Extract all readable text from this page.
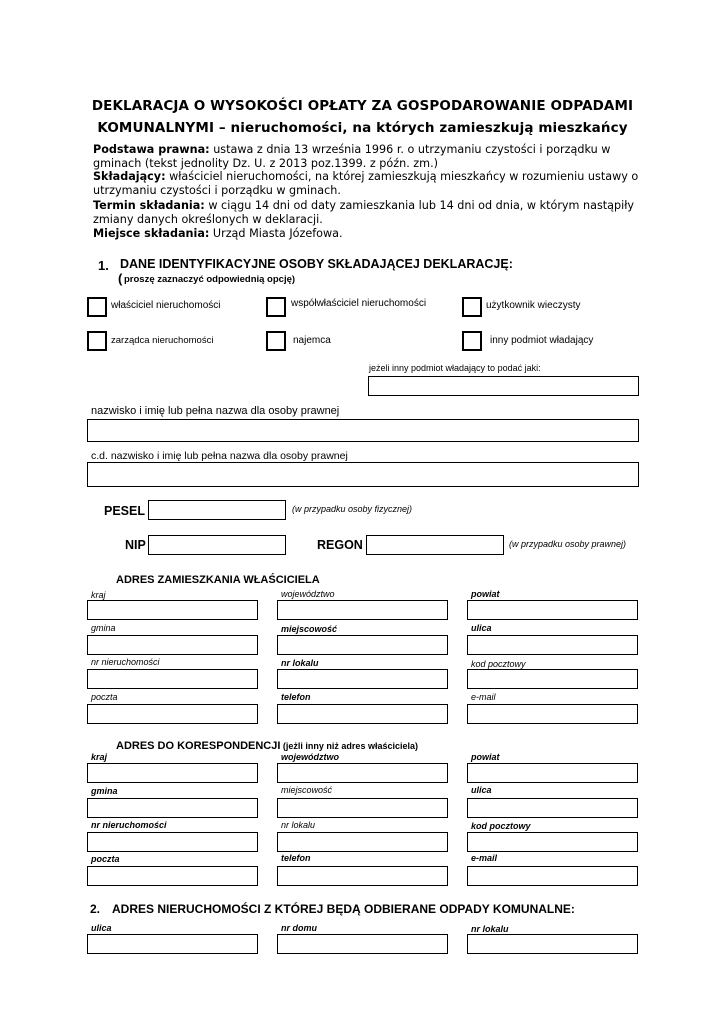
DEKLARACJA O WYSOKOŚCI OPŁATY ZA GOSPODAROWANIE ODPADAMI
KOMUNALNYMI – nieruchomości, na których zamieszkują mieszkańcy
Podstawa prawna: ustawa z dnia 13 września 1996 r. o utrzymaniu czystości i porządku w
gminach (tekst jednolity Dz. U. z 2013 poz.1399. z późn. zm.)
Składający: właściciel nieruchomości, na której zamieszkują mieszkańcy w rozumieniu ustawy o
utrzymaniu czystości i porządku w gminach.
Termin składania: w ciągu 14 dni od daty zamieszkania lub 14 dni od dnia, w którym nastąpiły
zmiany danych określonych w deklaracji.
Miejsce składania: Urząd Miasta Józefowa.
1. DANE IDENTYFIKACYJNE OSOBY SKŁADAJĄCEJ DEKLARACJĘ:
( proszę zaznaczyć odpowiednią opcję)
właściciel nieruchomości	współwłaściciel nieruchomości	użytkownik wieczysty
zarządca nieruchomości	najemca	inny podmiot władający
jeżeli inny podmiot władający to podać jaki:
nazwisko i imię lub pełna nazwa dla osoby prawnej
c.d. nazwisko i imię lub pełna nazwa dla osoby prawnej
PESEL	(w przypadku osoby fizycznej)
NIP	REGON	(w przypadku osoby prawnej)
ADRES ZAMIESZKANIA WŁAŚCICIELA
kraj	województwo	powiat
gmina	miejscowość	ulica
nr nieruchomości	nr lokalu	kod pocztowy
poczta	telefon	e-mail
ADRES DO KORESPONDENCJI (jeżli inny niż adres właściciela)
kraj	województwo	powiat
gmina	miejscowość	ulica
nr nieruchomości	nr lokalu	kod pocztowy
poczta	telefon	e-mail
2. ADRES NIERUCHOMOŚCI Z KTÓREJ BĘDĄ ODBIERANE ODPADY KOMUNALNE:
ulica	nr domu	nr lokalu
